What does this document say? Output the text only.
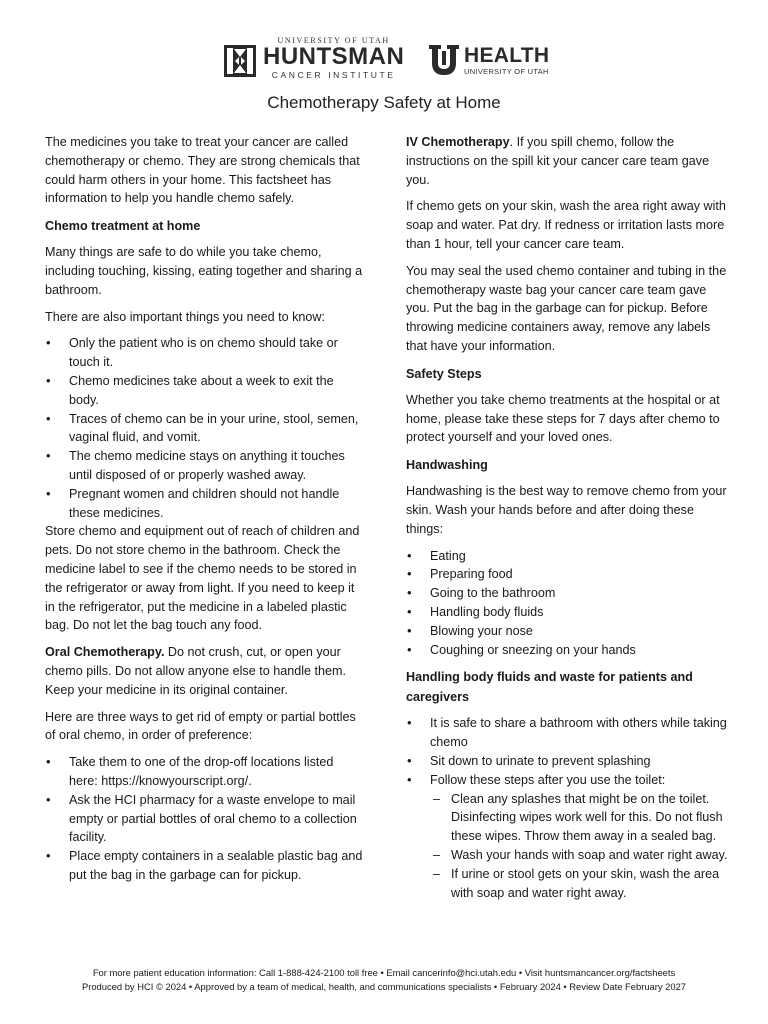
UNIVERSITY OF UTAH
HUNTSMAN
CANCER INSTITUTE
HEALTH
UNIVERSITY OF UTAH
Chemotherapy Safety at Home

The medicines you take to treat your cancer are called chemotherapy or chemo. They are strong chemicals that could harm others in your home. This factsheet has information to help you handle chemo safely.

Chemo treatment at home

Many things are safe to do while you take chemo, including touching, kissing, eating together and sharing a bathroom.

There are also important things you need to know:

• Only the patient who is on chemo should take or touch it.
• Chemo medicines take about a week to exit the body.
• Traces of chemo can be in your urine, stool, semen, vaginal fluid, and vomit.
• The chemo medicine stays on anything it touches until disposed of or properly washed away.
• Pregnant women and children should not handle these medicines.

Store chemo and equipment out of reach of children and pets. Do not store chemo in the bathroom. Check the medicine label to see if the chemo needs to be stored in the refrigerator or away from light. If you need to keep it in the refrigerator, put the medicine in a labeled plastic bag. Do not let the bag touch any food.

Oral Chemotherapy. Do not crush, cut, or open your chemo pills. Do not allow anyone else to handle them. Keep your medicine in its original container.

Here are three ways to get rid of empty or partial bottles of oral chemo, in order of preference:

• Take them to one of the drop-off locations listed here: https://knowyourscript.org/.
• Ask the HCI pharmacy for a waste envelope to mail empty or partial bottles of oral chemo to a collection facility.
• Place empty containers in a sealable plastic bag and put the bag in the garbage can for pickup.

IV Chemotherapy. If you spill chemo, follow the instructions on the spill kit your cancer care team gave you.

If chemo gets on your skin, wash the area right away with soap and water. Pat dry. If redness or irritation lasts more than 1 hour, tell your cancer care team.

You may seal the used chemo container and tubing in the chemotherapy waste bag your cancer care team gave you. Put the bag in the garbage can for pickup. Before throwing medicine containers away, remove any labels that have your information.

Safety Steps

Whether you take chemo treatments at the hospital or at home, please take these steps for 7 days after chemo to protect yourself and your loved ones.

Handwashing

Handwashing is the best way to remove chemo from your skin. Wash your hands before and after doing these things:

• Eating
• Preparing food
• Going to the bathroom
• Handling body fluids
• Blowing your nose
• Coughing or sneezing on your hands
Handling body fluids and waste for patients and caregivers
• It is safe to share a bathroom with others while taking chemo
• Sit down to urinate to prevent splashing
• Follow these steps after you use the toilet:
– Clean any splashes that might be on the toilet. Disinfecting wipes work well for this. Do not flush these wipes. Throw them away in a sealed bag.
– Wash your hands with soap and water right away.
– If urine or stool gets on your skin, wash the area with soap and water right away.
For more patient education information: Call 1-888-424-2100 toll free • Email cancerinfo@hci.utah.edu • Visit huntsmancancer.org/factsheets
Produced by HCI © 2024 • Approved by a team of medical, health, and communications specialists • February 2024 • Review Date February 2027
